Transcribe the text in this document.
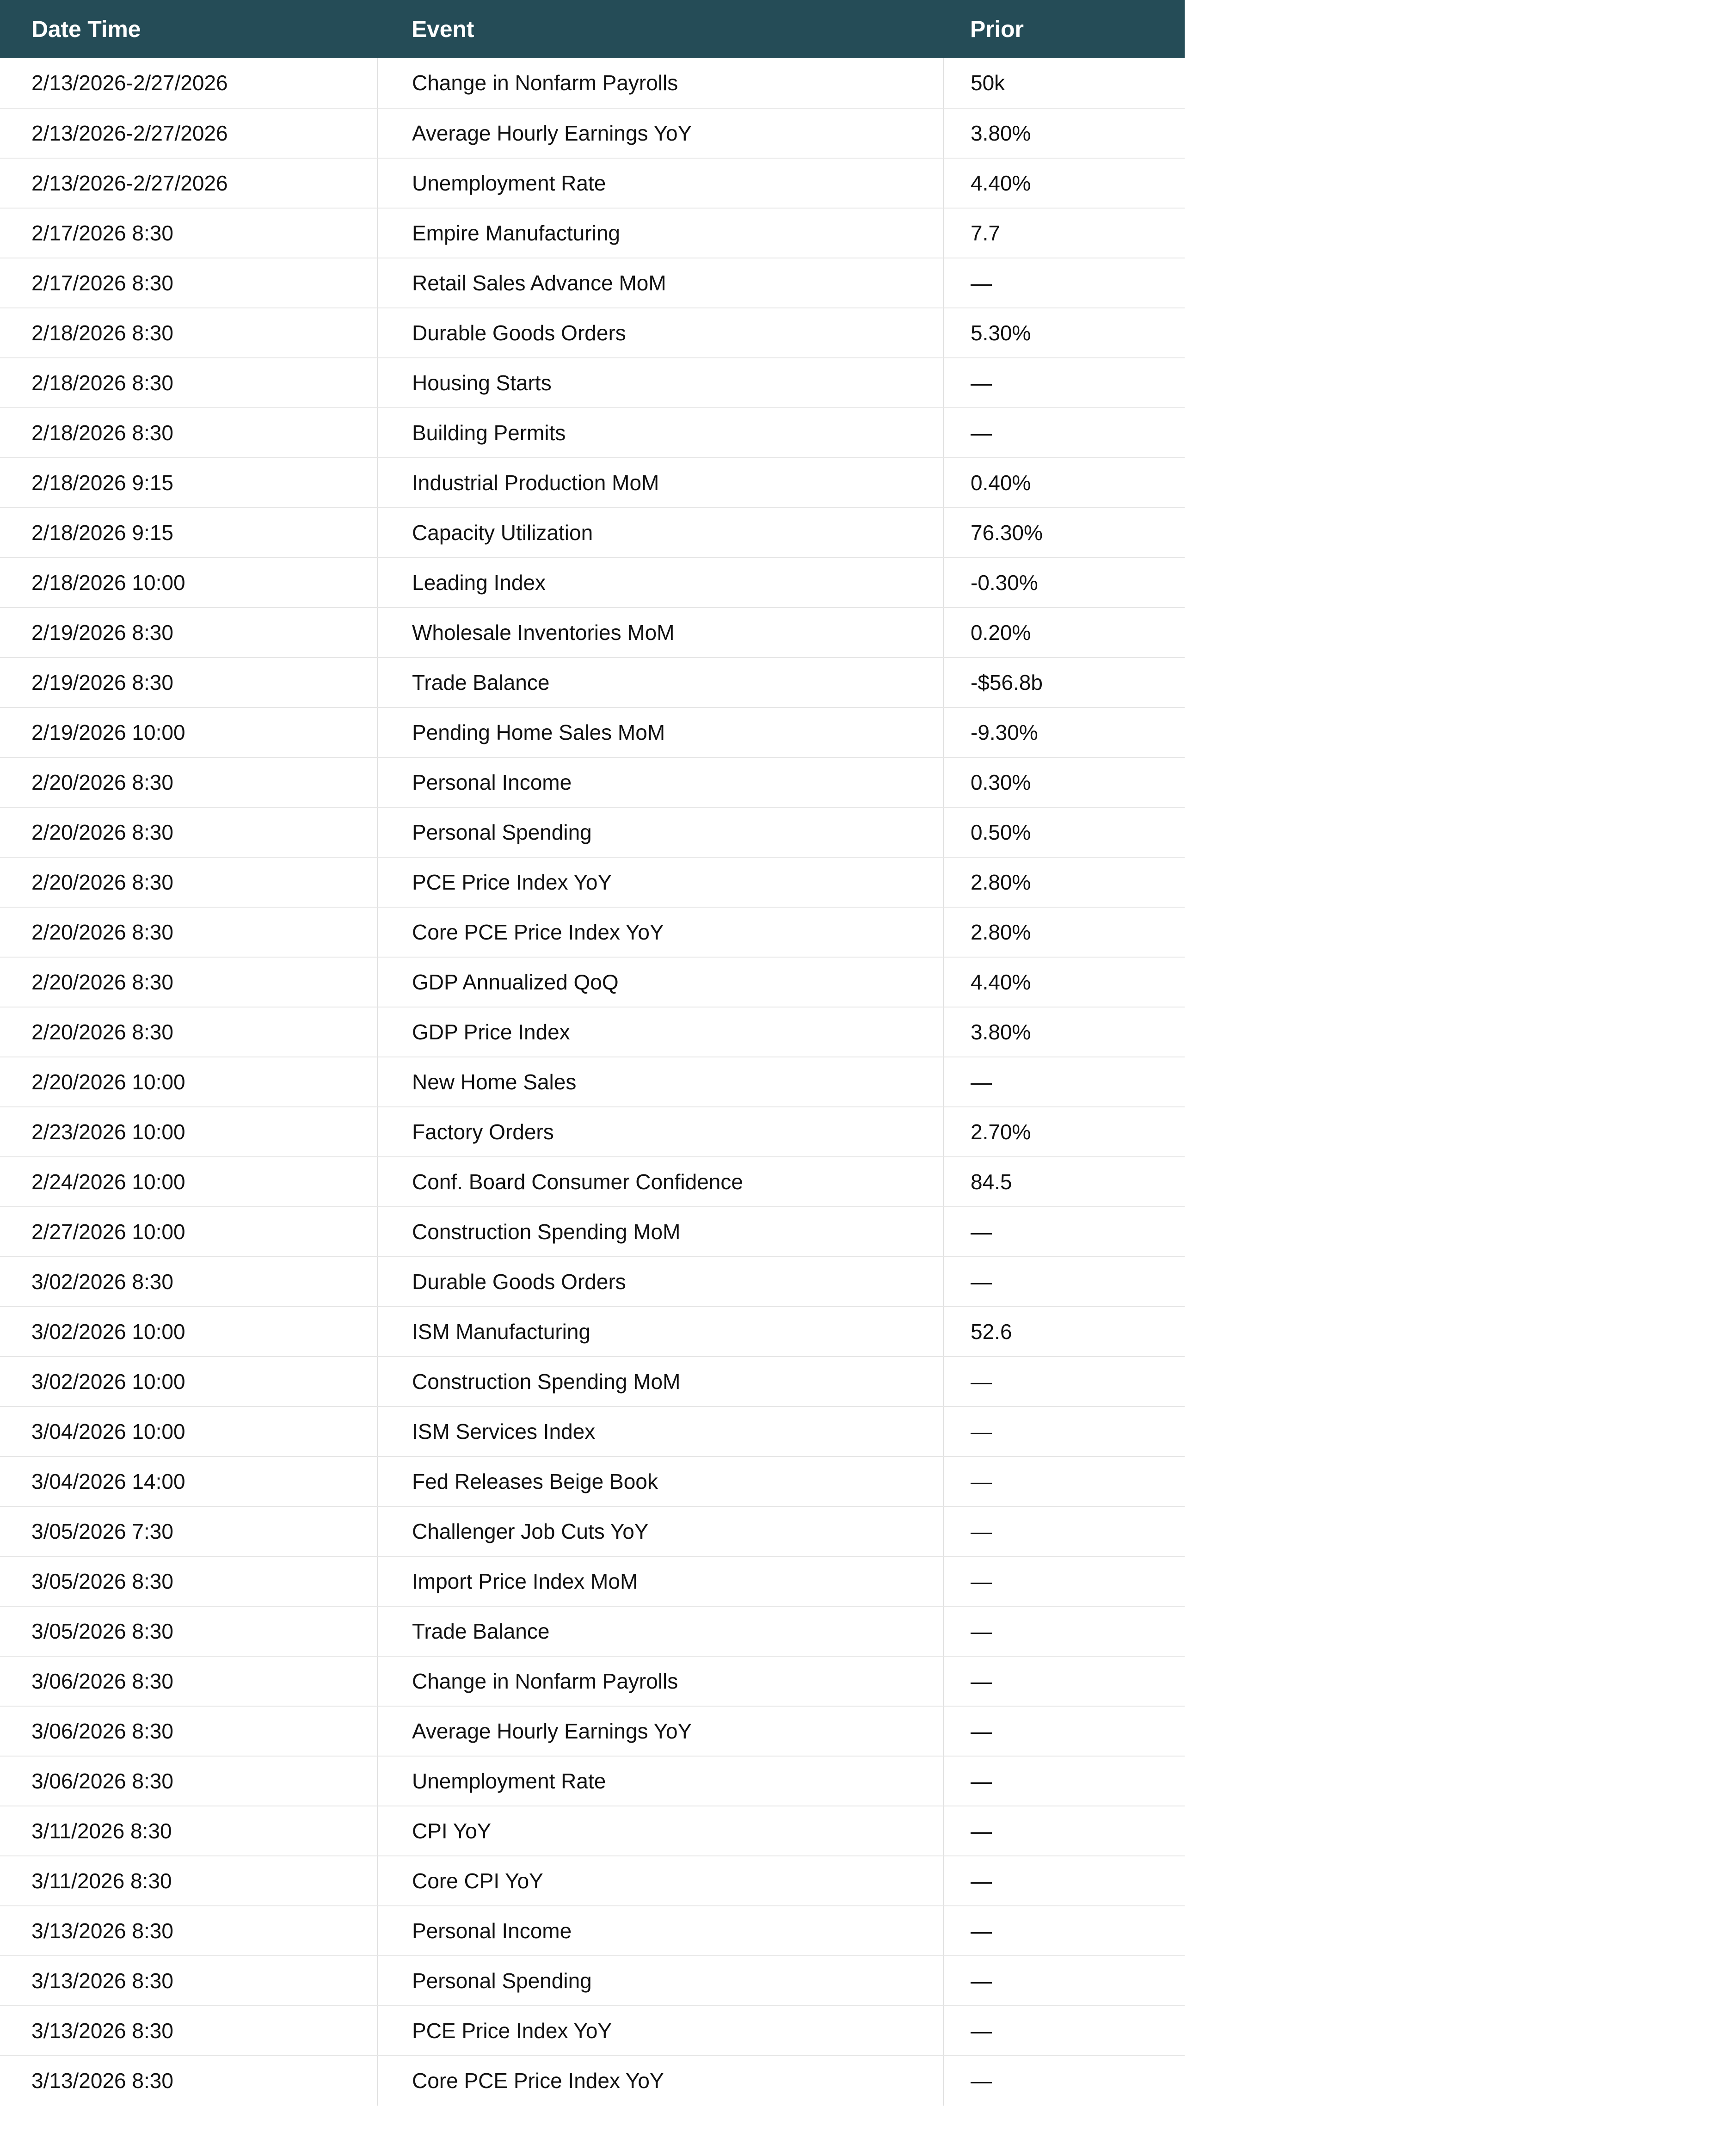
Date Time	Event	Prior
2/13/2026-2/27/2026	Change in Nonfarm Payrolls	50k
2/13/2026-2/27/2026	Average Hourly Earnings YoY	3.80%
2/13/2026-2/27/2026	Unemployment Rate	4.40%
2/17/2026 8:30	Empire Manufacturing	7.7
2/17/2026 8:30	Retail Sales Advance MoM	—
2/18/2026 8:30	Durable Goods Orders	5.30%
2/18/2026 8:30	Housing Starts	—
2/18/2026 8:30	Building Permits	—
2/18/2026 9:15	Industrial Production MoM	0.40%
2/18/2026 9:15	Capacity Utilization	76.30%
2/18/2026 10:00	Leading Index	-0.30%
2/19/2026 8:30	Wholesale Inventories MoM	0.20%
2/19/2026 8:30	Trade Balance	-$56.8b
2/19/2026 10:00	Pending Home Sales MoM	-9.30%
2/20/2026 8:30	Personal Income	0.30%
2/20/2026 8:30	Personal Spending	0.50%
2/20/2026 8:30	PCE Price Index YoY	2.80%
2/20/2026 8:30	Core PCE Price Index YoY	2.80%
2/20/2026 8:30	GDP Annualized QoQ	4.40%
2/20/2026 8:30	GDP Price Index	3.80%
2/20/2026 10:00	New Home Sales	—
2/23/2026 10:00	Factory Orders	2.70%
2/24/2026 10:00	Conf. Board Consumer Confidence	84.5
2/27/2026 10:00	Construction Spending MoM	—
3/02/2026 8:30	Durable Goods Orders	—
3/02/2026 10:00	ISM Manufacturing	52.6
3/02/2026 10:00	Construction Spending MoM	—
3/04/2026 10:00	ISM Services Index	—
3/04/2026 14:00	Fed Releases Beige Book	—
3/05/2026 7:30	Challenger Job Cuts YoY	—
3/05/2026 8:30	Import Price Index MoM	—
3/05/2026 8:30	Trade Balance	—
3/06/2026 8:30	Change in Nonfarm Payrolls	—
3/06/2026 8:30	Average Hourly Earnings YoY	—
3/06/2026 8:30	Unemployment Rate	—
3/11/2026 8:30	CPI YoY	—
3/11/2026 8:30	Core CPI YoY	—
3/13/2026 8:30	Personal Income	—
3/13/2026 8:30	Personal Spending	—
3/13/2026 8:30	PCE Price Index YoY	—
3/13/2026 8:30	Core PCE Price Index YoY	—
